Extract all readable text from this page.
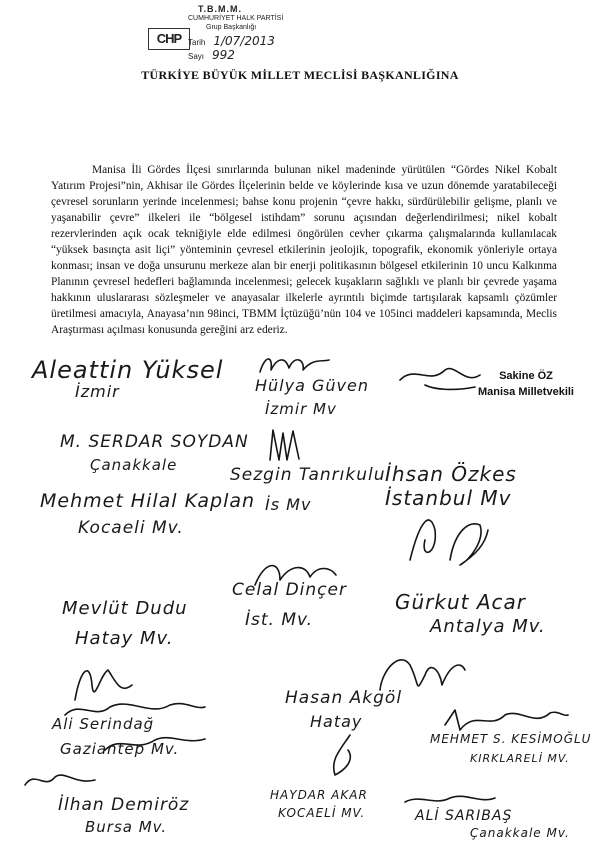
T.B.M.M.
CUMHURİYET HALK PARTİSİ
Grup Başkanlığı
CHP Tarih 1/07/2013
Sayı 992
TÜRKİYE BÜYÜK MİLLET MECLİSİ BAŞKANLIĞINA
Manisa İli Gördes İlçesi sınırlarında bulunan nikel madeninde yürütülen “Gördes Nikel Kobalt Yatırım Projesi”nin, Akhisar ile Gördes İlçelerinin belde ve köylerinde kısa ve uzun dönemde yaratabileceği çevresel sorunların yerinde incelenmesi; bahse konu projenin “çevre hakkı, sürdürülebilir gelişme, planlı ve yaşanabilir çevre” ilkeleri ile “bölgesel istihdam” sorunu açısından değerlendirilmesi; nikel kobalt rezervlerinden açık ocak tekniğiyle elde edilmesi öngörülen cevher çıkarma çalışmalarında kullanılacak “yüksek basınçta asit liçi” yönteminin çevresel etkilerinin jeolojik, topografik, ekonomik yönleriyle ortaya konması; insan ve doğa unsurunu merkeze alan bir enerji politikasının bölgesel etkilerinin 10 uncu Kalkınma Planının çevresel hedefleri bağlamında incelenmesi; gelecek kuşakların sağlıklı ve planlı bir çevrede yaşama hakkının uluslararası sözleşmeler ve anayasalar ilkelerle ayrıntılı biçimde tartışılarak kapsamlı çözümler üretilmesi amacıyla, Anayasa’nın 98inci, TBMM İçtüzüğü’nün 104 ve 105inci maddeleri kapsamında, Meclis Araştırması açılması konusunda gereğini arz ederiz.
Sakine ÖZ
Manisa Milletvekili
Aleattin Yüksel
İzmir
M. SERDAR SOYDAN
Çanakkale
Mehmet Hilal Kaplan
Kocaeli Mv.
Hülya Güven
İzmir Mv
Sezgin Tanrıkulu
İs Mv
İhsan Özkes
İstanbul Mv
Mevlüt Dudu
Hatay Mv.
Celal Dinçer
İst. Mv.
Gürkut Acar
Antalya Mv.
Ali Serindağ
Gaziantep Mv.
Hasan Akgöl
Hatay
MEHMET S. KESİMOĞLU
KIRKLARELİ MV.
İlhan Demiröz
Bursa Mv.
HAYDAR AKAR
KOCAELİ MV.	ALİ SARIBAŞ
Çanakkale Mv.
